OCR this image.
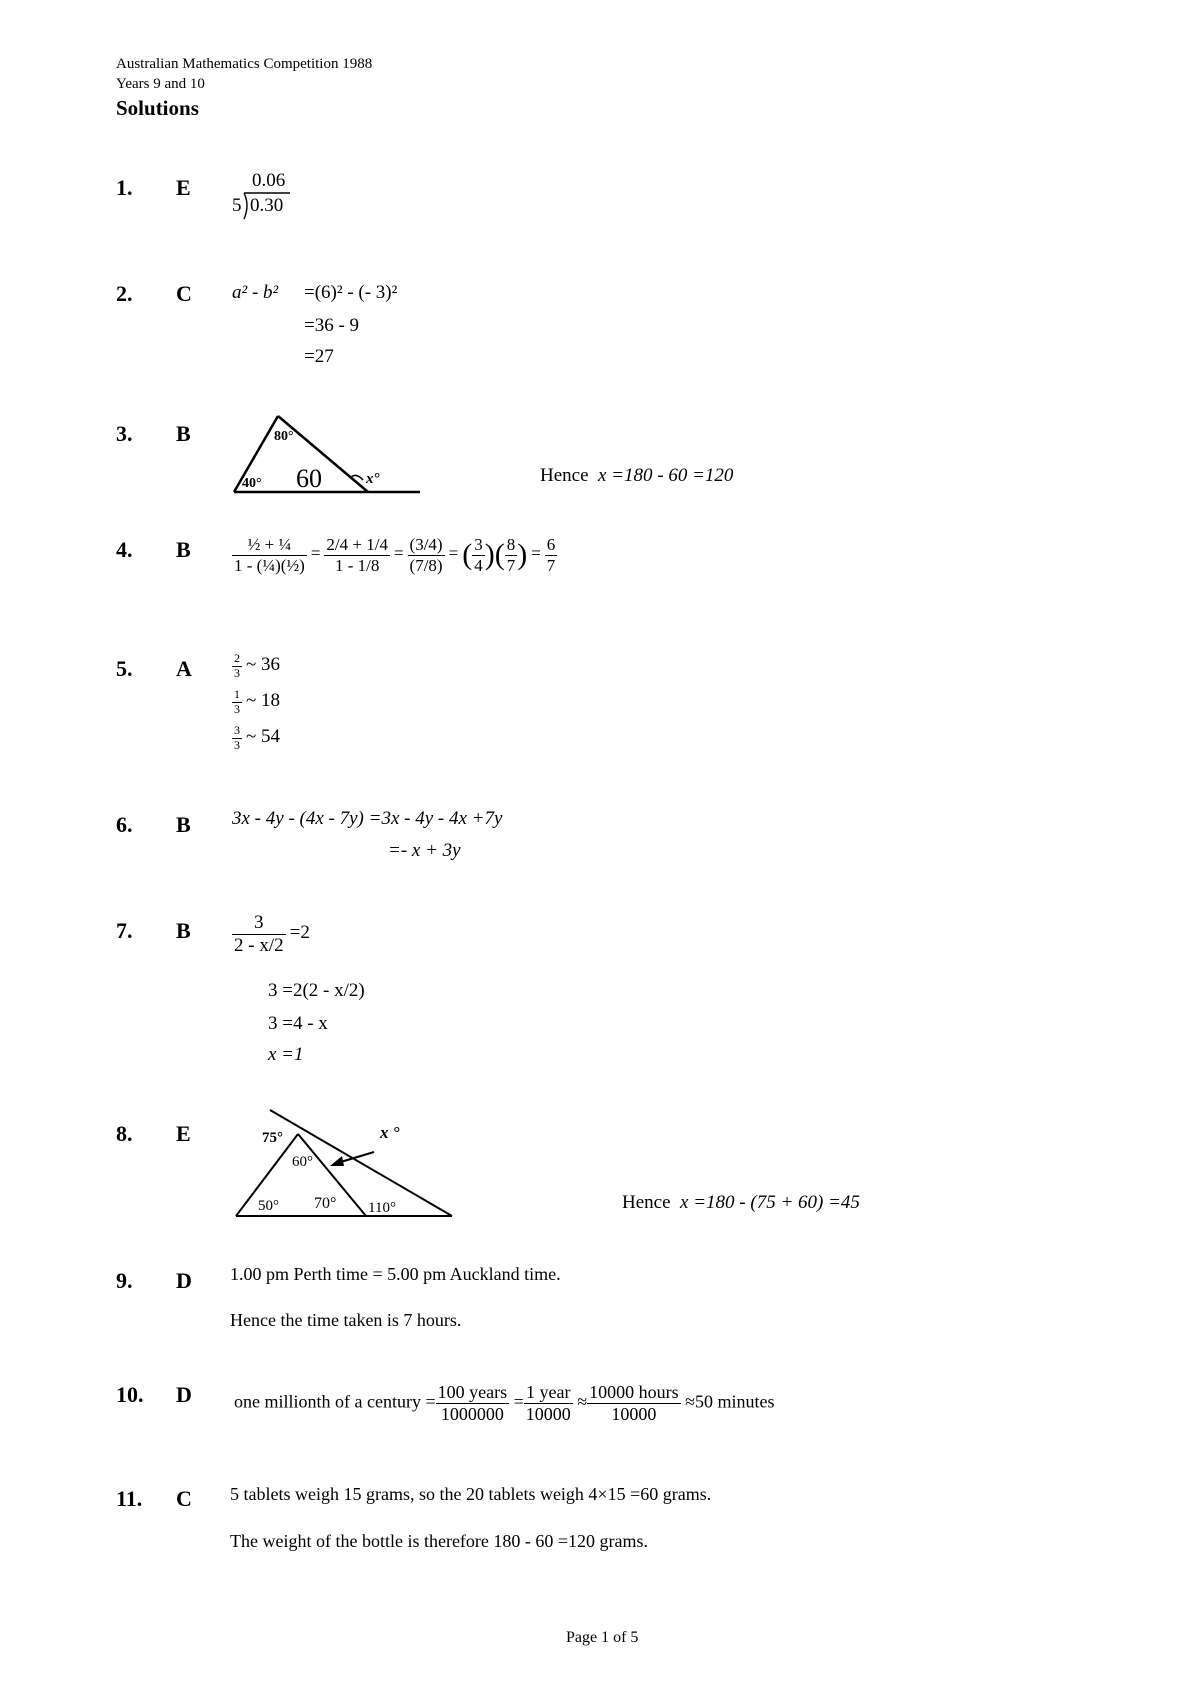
Australian Mathematics Competition 1988
Years 9 and 10
Solutions
1. E
2. C
3. B
4. B
5. A
6. B
7. B
8. E
9. D
10. D
11. C
0.06
5 0.30
a² - b² =(6)² - (- 3)²
=36 - 9
=27
80°
40° 60	x°	Hence x =180 - 60 =120
$\frac{\text{½ + ¼}}{\text{1 - (¼)(½)}} = \frac{2/4 + 1/4}{1 - 1/8} = \frac{(3/4)}{(7/8)}$ = ( $\frac{3}{4}$ )( $\frac{8}{7}$ ) = $\frac{6}{7}$
$\frac{2}{3}$ ~ 36
$\frac{1}{3}$ ~ 18
$\frac{3}{3}$ ~ 54
3x - 4y - (4x - 7y) =3x - 4y - 4x +7y
=- x + 3y
$\frac{3}{2 - x/2} =2$
3 =2(2 - x/2)
3 =4 - x
x =1
75°
60°
50° 70° 110°
x °
Hence x =180 - (75 + 60) =45
1.00 pm Perth time = 5.00 pm Auckland time.
Hence the time taken is 7 hours.
one millionth of a century = $\frac{\text{100 years}}{1000000} = \frac{\text{1 year}}{10000} \approx \frac{\text{10000 hours}}{10000} \approx 50$ minutes
5 tablets weigh 15 grams, so the 20 tablets weigh 4×15 =60 grams.
The weight of the bottle is therefore 180 - 60 =120 grams.
Page 1 of 5
